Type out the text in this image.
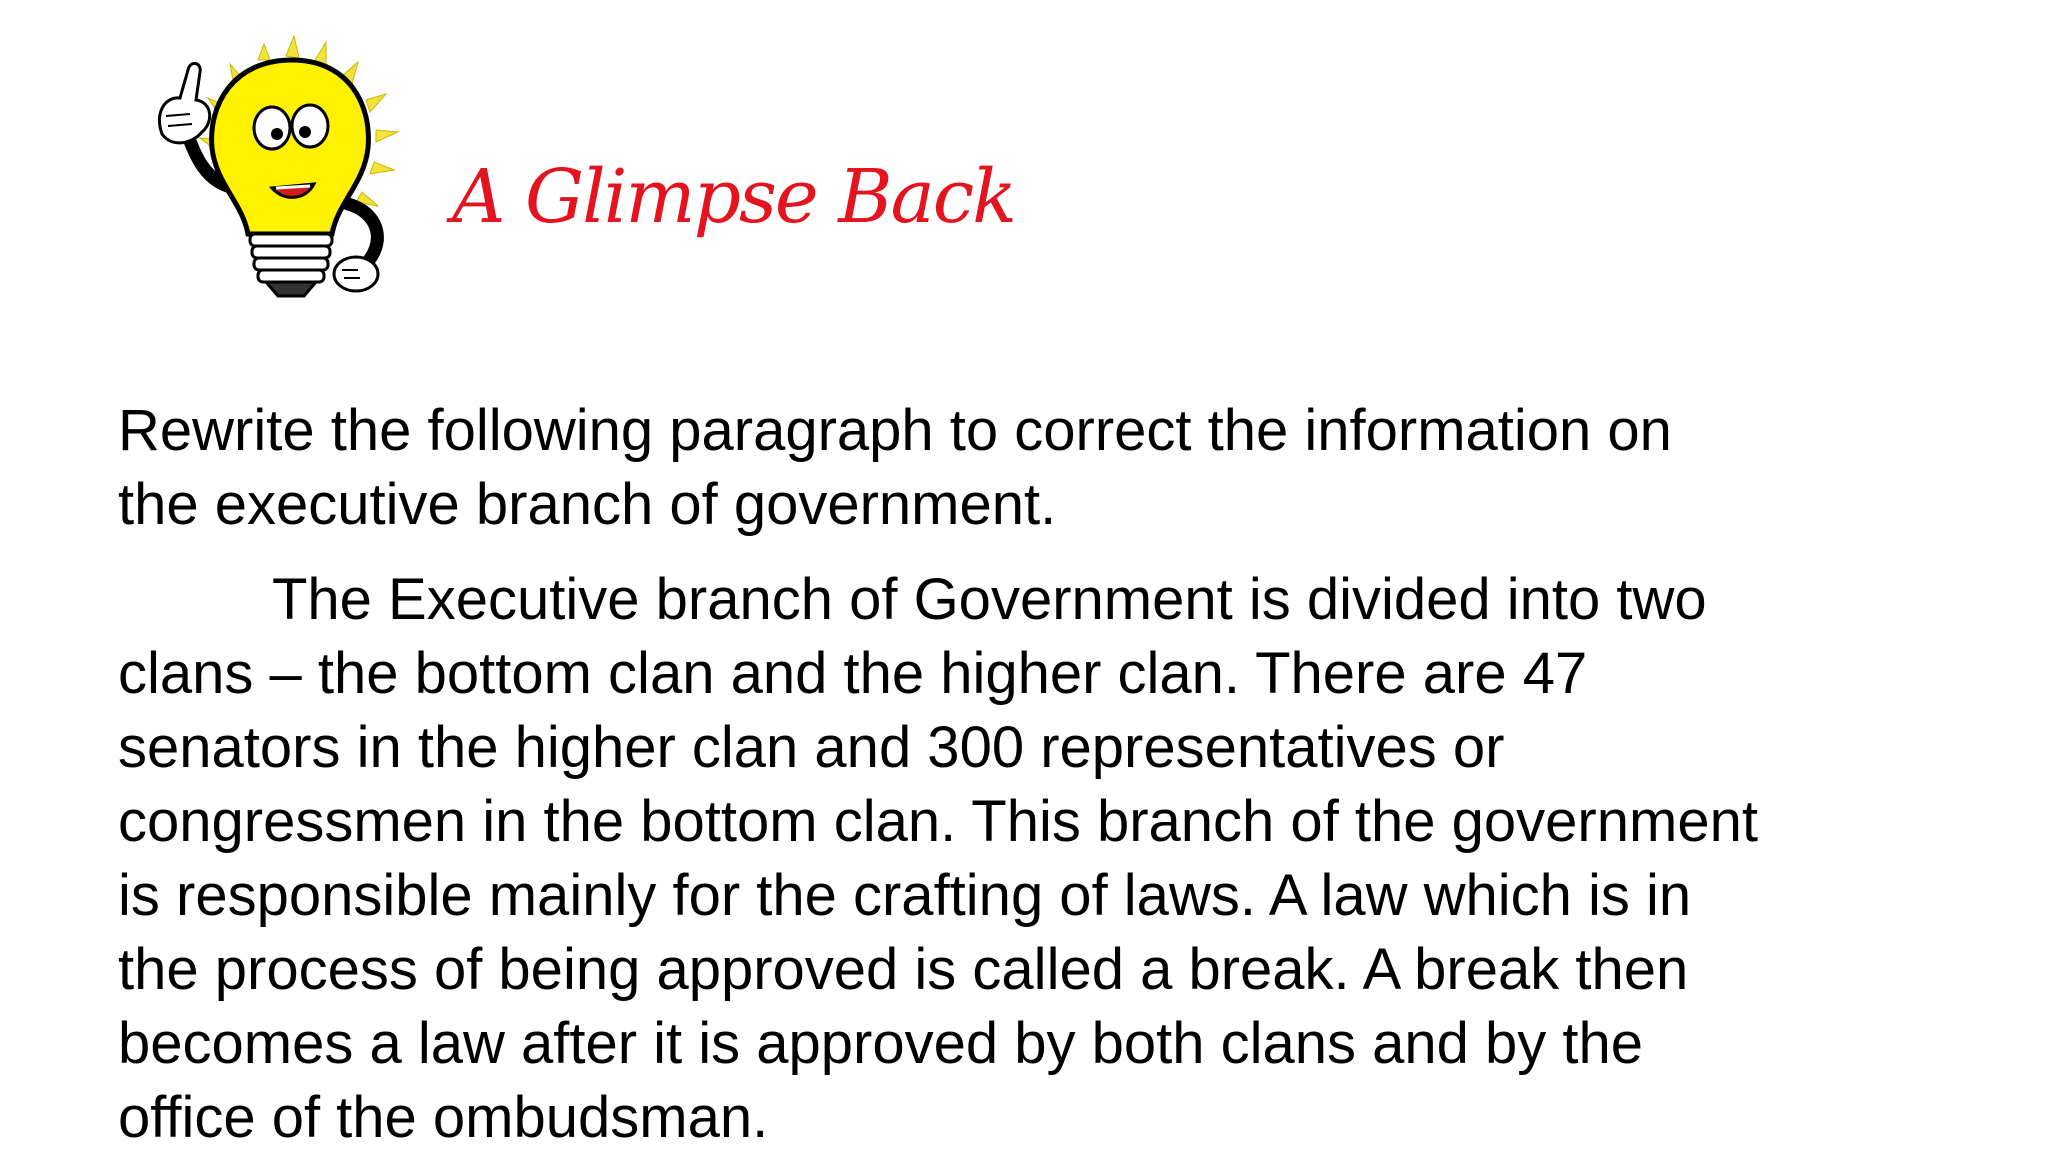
A Glimpse Back

Rewrite the following paragraph to correct the information on
the executive branch of government.

The Executive branch of Government is divided into two
clans – the bottom clan and the higher clan. There are 47
senators in the higher clan and 300 representatives or
congressmen in the bottom clan. This branch of the government
is responsible mainly for the crafting of laws. A law which is in
the process of being approved is called a break. A break then
becomes a law after it is approved by both clans and by the
office of the ombudsman.
